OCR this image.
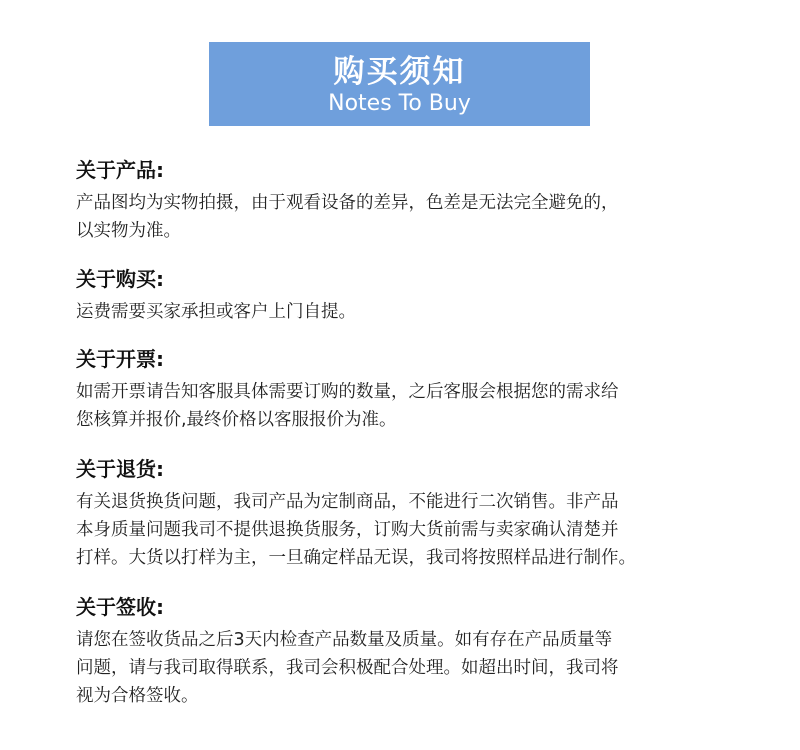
购买须知
Notes To Buy

关于产品:

产品图均为实物拍摄，由于观看设备的差异，色差是无法完全避免的，
以实物为准。

关于购买:

运费需要买家承担或客户上门自提。

关于开票:

如需开票请告知客服具体需要订购的数量，之后客服会根据您的需求给
您核算并报价,最终价格以客服报价为准。

关于退货:

有关退货换货问题，我司产品为定制商品，不能进行二次销售。非产品
本身质量问题我司不提供退换货服务，订购大货前需与卖家确认清楚并
打样。大货以打样为主，一旦确定样品无误，我司将按照样品进行制作。

关于签收:

请您在签收货品之后3天内检查产品数量及质量。如有存在产品质量等
问题，请与我司取得联系，我司会积极配合处理。如超出时间，我司将
视为合格签收。
